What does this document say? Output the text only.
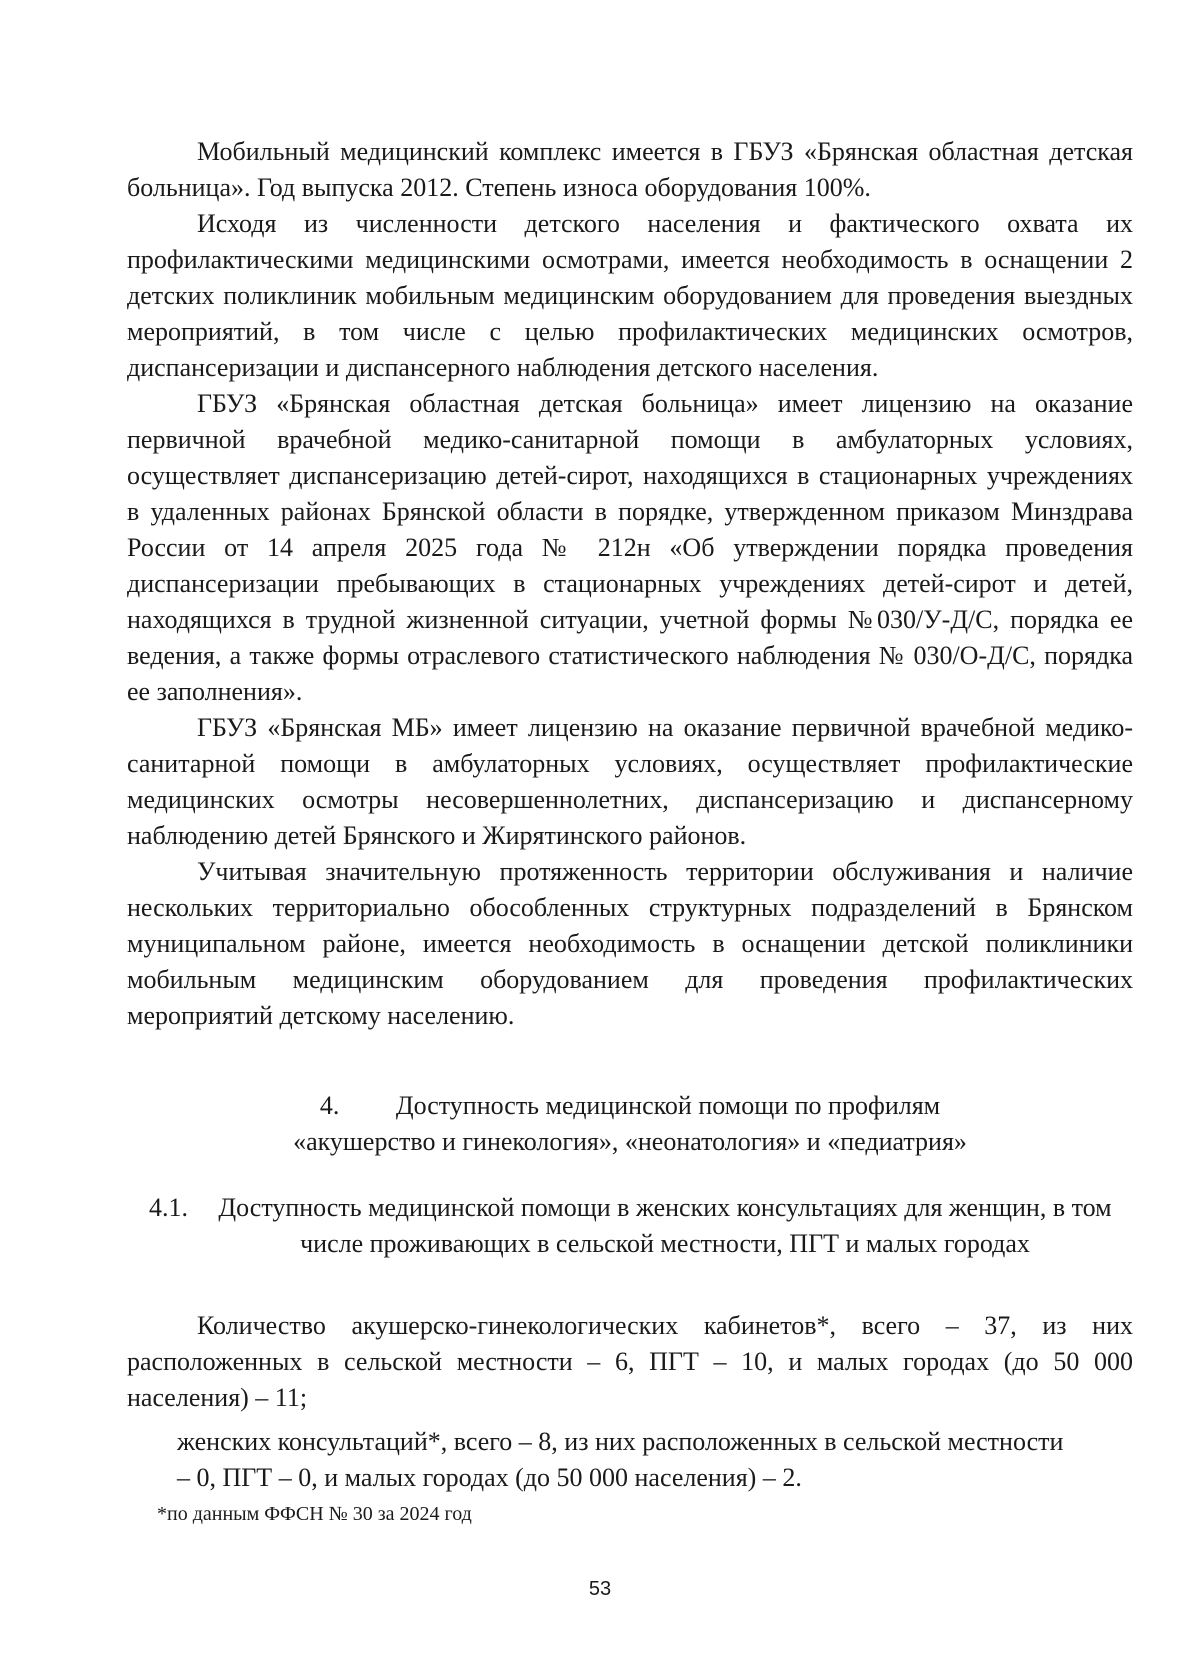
Мобильный медицинский комплекс имеется в ГБУЗ «Брянская областная детская больница». Год выпуска 2012. Степень износа оборудования 100%.

Исходя из численности детского населения и фактического охвата их профилактическими медицинскими осмотрами, имеется необходимость в оснащении 2 детских поликлиник мобильным медицинским оборудованием для проведения выездных мероприятий, в том числе с целью профилактических медицинских осмотров, диспансеризации и диспансерного наблюдения детского населения.

ГБУЗ «Брянская областная детская больница» имеет лицензию на оказание первичной врачебной медико-санитарной помощи в амбулаторных условиях, осуществляет диспансеризацию детей-сирот, находящихся в стационарных учреждениях в удаленных районах Брянской области в порядке, утвержденном приказом Минздрава России от 14 апреля 2025 года № 212н «Об утверждении порядка проведения диспансеризации пребывающих в стационарных учреждениях детей-сирот и детей, находящихся в трудной жизненной ситуации, учетной формы №030/У-Д/С, порядка ее ведения, а также формы отраслевого статистического наблюдения № 030/О-Д/С, порядка ее заполнения».

ГБУЗ «Брянская МБ» имеет лицензию на оказание первичной врачебной медико-санитарной помощи в амбулаторных условиях, осуществляет профилактические медицинских осмотры несовершеннолетних, диспансеризацию и диспансерному наблюдению детей Брянского и Жирятинского районов.

Учитывая значительную протяженность территории обслуживания и наличие нескольких территориально обособленных структурных подразделений в Брянском муниципальном районе, имеется необходимость в оснащении детской поликлиники мобильным медицинским оборудованием для проведения профилактических мероприятий детскому населению.

4. Доступность медицинской помощи по профилям
«акушерство и гинекология», «неонатология» и «педиатрия»
4.1.	Доступность медицинской помощи в женских консультациях для женщин, в том числе проживающих в сельской местности, ПГТ и малых городах

Количество акушерско-гинекологических кабинетов*, всего – 37, из них расположенных в сельской местности – 6, ПГТ – 10, и малых городах (до 50 000 населения) – 11;

женских консультаций*, всего – 8, из них расположенных в сельской местности
– 0, ПГТ – 0, и малых городах (до 50 000 населения) – 2.
*по данным ФФСН № 30 за 2024 год
53
